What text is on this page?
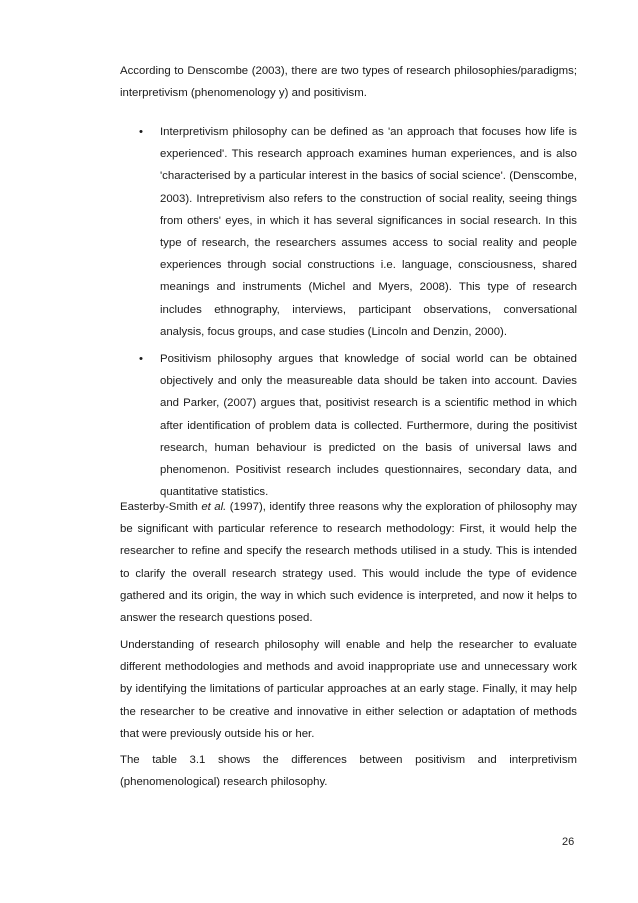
According to Denscombe (2003), there are two types of research philosophies/paradigms; interpretivism (phenomenology y) and positivism.

• Interpretivism philosophy can be defined as 'an approach that focuses how life is experienced'. This research approach examines human experiences, and is also 'characterised by a particular interest in the basics of social science'. (Denscombe, 2003). Intrepretivism also refers to the construction of social reality, seeing things from others' eyes, in which it has several significances in social research. In this type of research, the researchers assumes access to social reality and people experiences through social constructions i.e. language, consciousness, shared meanings and instruments (Michel and Myers, 2008). This type of research includes ethnography, interviews, participant observations, conversational analysis, focus groups, and case studies (Lincoln and Denzin, 2000).

• Positivism philosophy argues that knowledge of social world can be obtained objectively and only the measureable data should be taken into account. Davies and Parker, (2007) argues that, positivist research is a scientific method in which after identification of problem data is collected. Furthermore, during the positivist research, human behaviour is predicted on the basis of universal laws and phenomenon. Positivist research includes questionnaires, secondary data, and quantitative statistics.

Easterby-Smith et al. (1997), identify three reasons why the exploration of philosophy may be significant with particular reference to research methodology: First, it would help the researcher to refine and specify the research methods utilised in a study. This is intended to clarify the overall research strategy used. This would include the type of evidence gathered and its origin, the way in which such evidence is interpreted, and now it helps to answer the research questions posed.

Understanding of research philosophy will enable and help the researcher to evaluate different methodologies and methods and avoid inappropriate use and unnecessary work by identifying the limitations of particular approaches at an early stage. Finally, it may help the researcher to be creative and innovative in either selection or adaptation of methods that were previously outside his or her.

The table 3.1 shows the differences between positivism and interpretivism (phenomenological) research philosophy.

26
